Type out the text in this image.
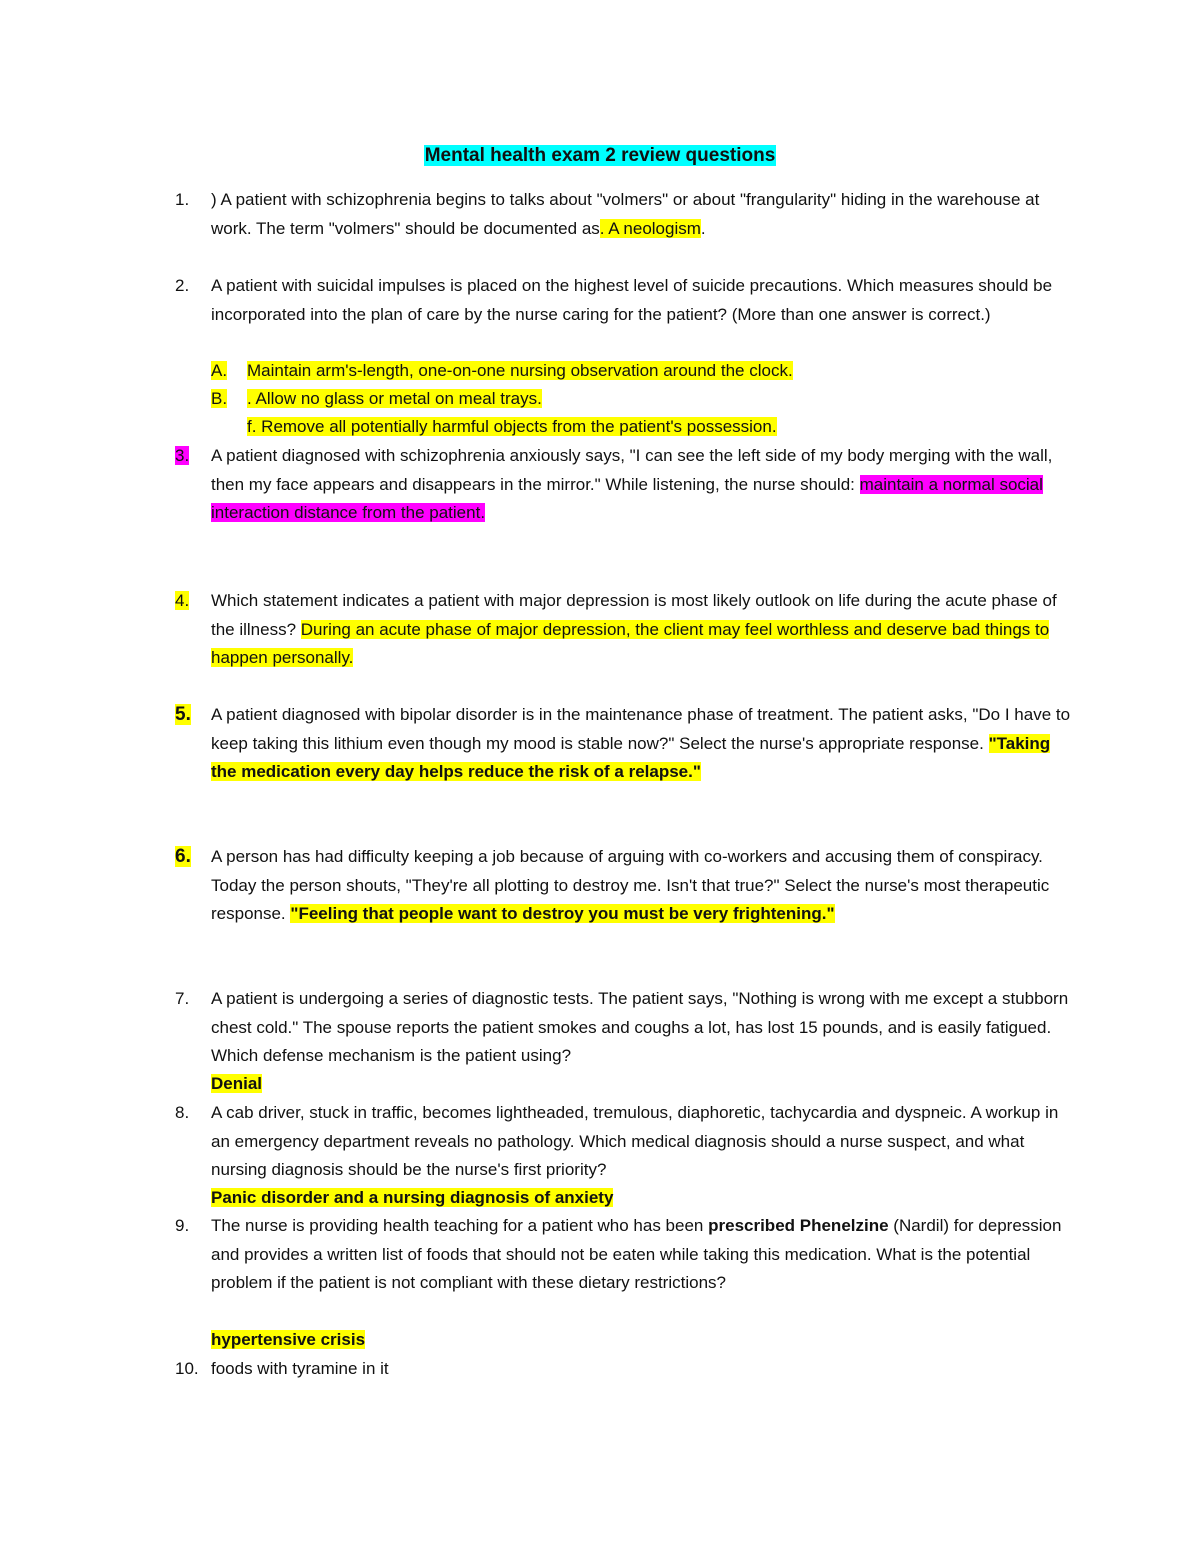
Mental health exam 2 review questions
1. ) A patient with schizophrenia begins to talks about "volmers" or about "frangularity" hiding in the warehouse at work. The term "volmers" should be documented as. A neologism.
2. A patient with suicidal impulses is placed on the highest level of suicide precautions. Which measures should be incorporated into the plan of care by the nurse caring for the patient? (More than one answer is correct.)
A. Maintain arm's-length, one-on-one nursing observation around the clock.
B. . Allow no glass or metal on meal trays.
f. Remove all potentially harmful objects from the patient's possession.
3. A patient diagnosed with schizophrenia anxiously says, "I can see the left side of my body merging with the wall, then my face appears and disappears in the mirror." While listening, the nurse should: maintain a normal social interaction distance from the patient.
4. Which statement indicates a patient with major depression is most likely outlook on life during the acute phase of the illness? During an acute phase of major depression, the client may feel worthless and deserve bad things to happen personally.
5. A patient diagnosed with bipolar disorder is in the maintenance phase of treatment. The patient asks, "Do I have to keep taking this lithium even though my mood is stable now?" Select the nurse's appropriate response. "Taking the medication every day helps reduce the risk of a relapse."
6. A person has had difficulty keeping a job because of arguing with co-workers and accusing them of conspiracy. Today the person shouts, "They're all plotting to destroy me. Isn't that true?" Select the nurse's most therapeutic response. "Feeling that people want to destroy you must be very frightening."
7. A patient is undergoing a series of diagnostic tests. The patient says, "Nothing is wrong with me except a stubborn chest cold." The spouse reports the patient smokes and coughs a lot, has lost 15 pounds, and is easily fatigued. Which defense mechanism is the patient using?
Denial
8. A cab driver, stuck in traffic, becomes lightheaded, tremulous, diaphoretic, tachycardia and dyspneic. A workup in an emergency department reveals no pathology. Which medical diagnosis should a nurse suspect, and what nursing diagnosis should be the nurse's first priority?
Panic disorder and a nursing diagnosis of anxiety
9. The nurse is providing health teaching for a patient who has been prescribed Phenelzine (Nardil) for depression and provides a written list of foods that should not be eaten while taking this medication. What is the potential problem if the patient is not compliant with these dietary restrictions?
hypertensive crisis
10. foods with tyramine in it
